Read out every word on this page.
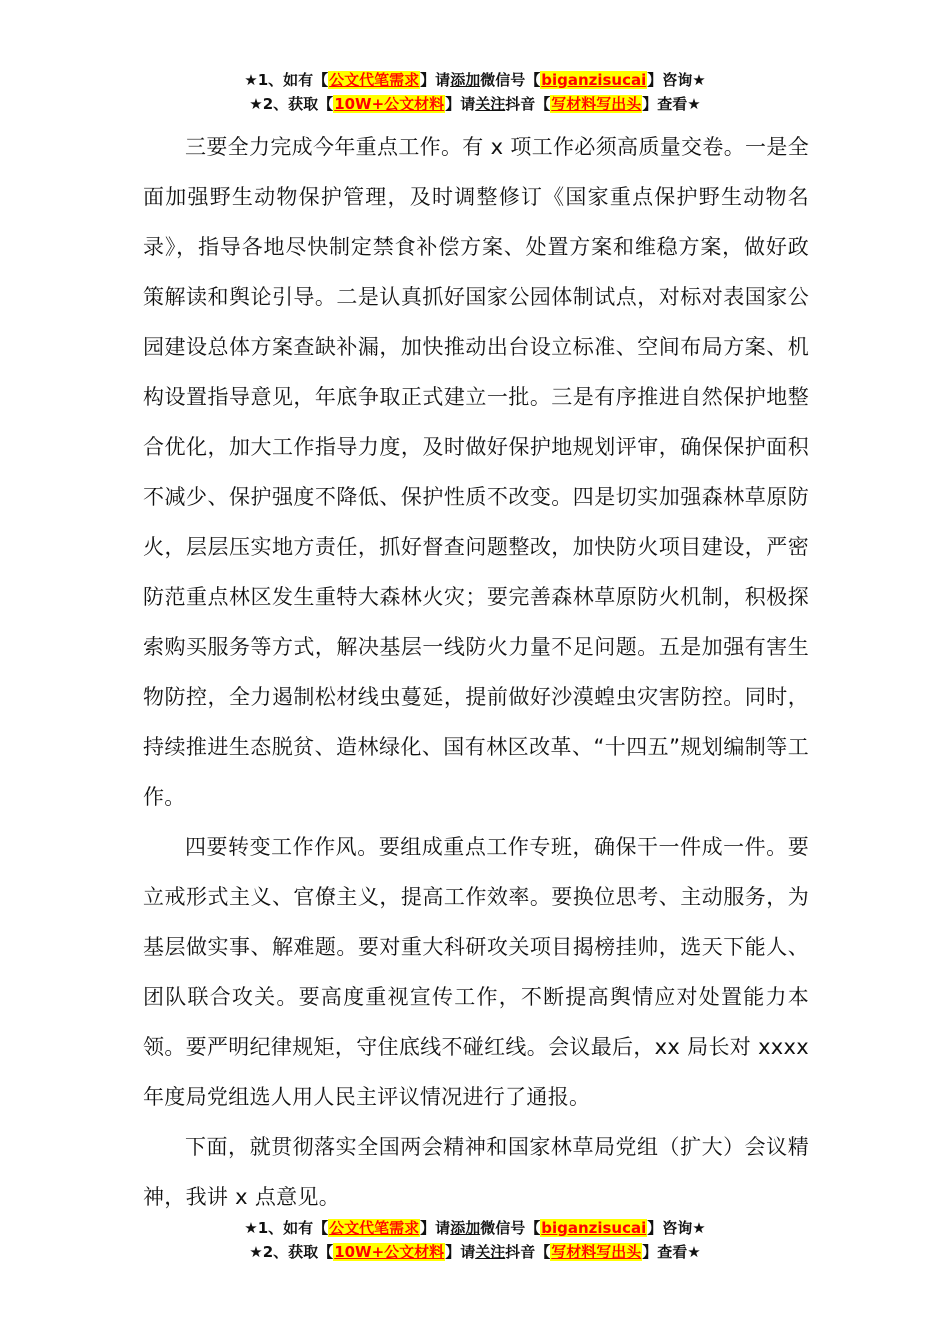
★1、如有【公文代笔需求】请添加微信号【biganzisucai】咨询★
★2、获取【10W+公文材料】请关注抖音【写材料写出头】查看★

三要全力完成今年重点工作。有 x 项工作必须高质量交卷。一是全面加强野生动物保护管理，及时调整修订《国家重点保护野生动物名录》，指导各地尽快制定禁食补偿方案、处置方案和维稳方案，做好政策解读和舆论引导。二是认真抓好国家公园体制试点，对标对表国家公园建设总体方案查缺补漏，加快推动出台设立标准、空间布局方案、机构设置指导意见，年底争取正式建立一批。三是有序推进自然保护地整合优化，加大工作指导力度，及时做好保护地规划评审，确保保护面积不减少、保护强度不降低、保护性质不改变。四是切实加强森林草原防火，层层压实地方责任，抓好督查问题整改，加快防火项目建设，严密防范重点林区发生重特大森林火灾；要完善森林草原防火机制，积极探索购买服务等方式，解决基层一线防火力量不足问题。五是加强有害生物防控，全力遏制松材线虫蔓延，提前做好沙漠蝗虫灾害防控。同时，持续推进生态脱贫、造林绿化、国有林区改革、“十四五”规划编制等工作。

四要转变工作作风。要组成重点工作专班，确保干一件成一件。要立戒形式主义、官僚主义，提高工作效率。要换位思考、主动服务，为基层做实事、解难题。要对重大科研攻关项目揭榜挂帅，选天下能人、团队联合攻关。要高度重视宣传工作，不断提高舆情应对处置能力本领。要严明纪律规矩，守住底线不碰红线。会议最后，xx 局长对 xxxx 年度局党组选人用人民主评议情况进行了通报。

下面，就贯彻落实全国两会精神和国家林草局党组（扩大）会议精神，我讲 x 点意见。

★1、如有【公文代笔需求】请添加微信号【biganzisucai】咨询★
★2、获取【10W+公文材料】请关注抖音【写材料写出头】查看★
